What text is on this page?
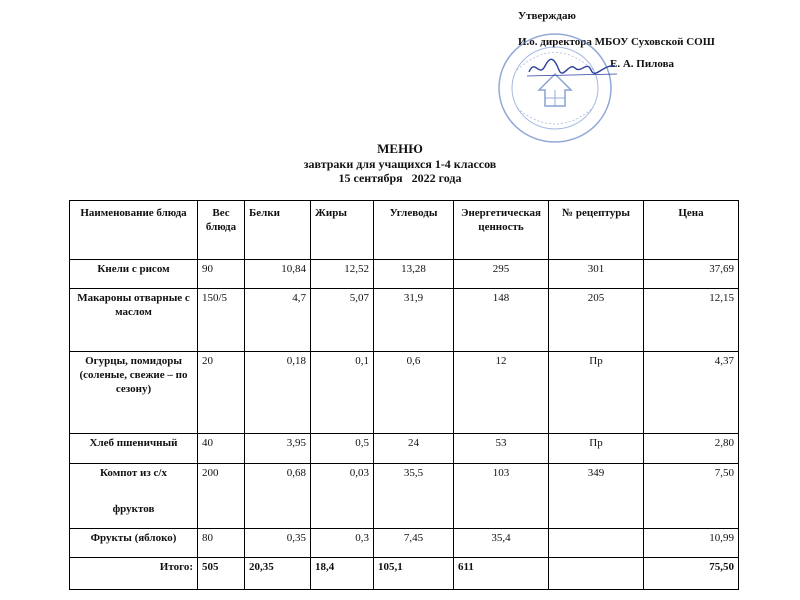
Утверждаю
И.о. директора МБОУ Суховской СОШ
Е. А. Пилова
МЕНЮ
завтраки для учащихся 1-4 классов
15 сентября   2022 года
Наименование блюда	Вес блюда	Белки	Жиры	Углеводы	Энергетическая ценность	№ рецептуры	Цена
Кнели с рисом	90	10,84	12,52	13,28	295	301	37,69
Макароны отварные с маслом	150/5	4,7	5,07	31,9	148	205	12,15
Огурцы, помидоры (соленые, свежие – по сезону)	20	0,18	0,1	0,6	12	Пр	4,37
Хлеб пшеничный	40	3,95	0,5	24	53	Пр	2,80

Компот из с/х
фруктов	200	0,68	0,03	35,5	103	349	7,50
Фрукты (яблоко)	80	0,35	0,3	7,45	35,4		10,99
Итого:	505	20,35	18,4	105,1	611		75,50
